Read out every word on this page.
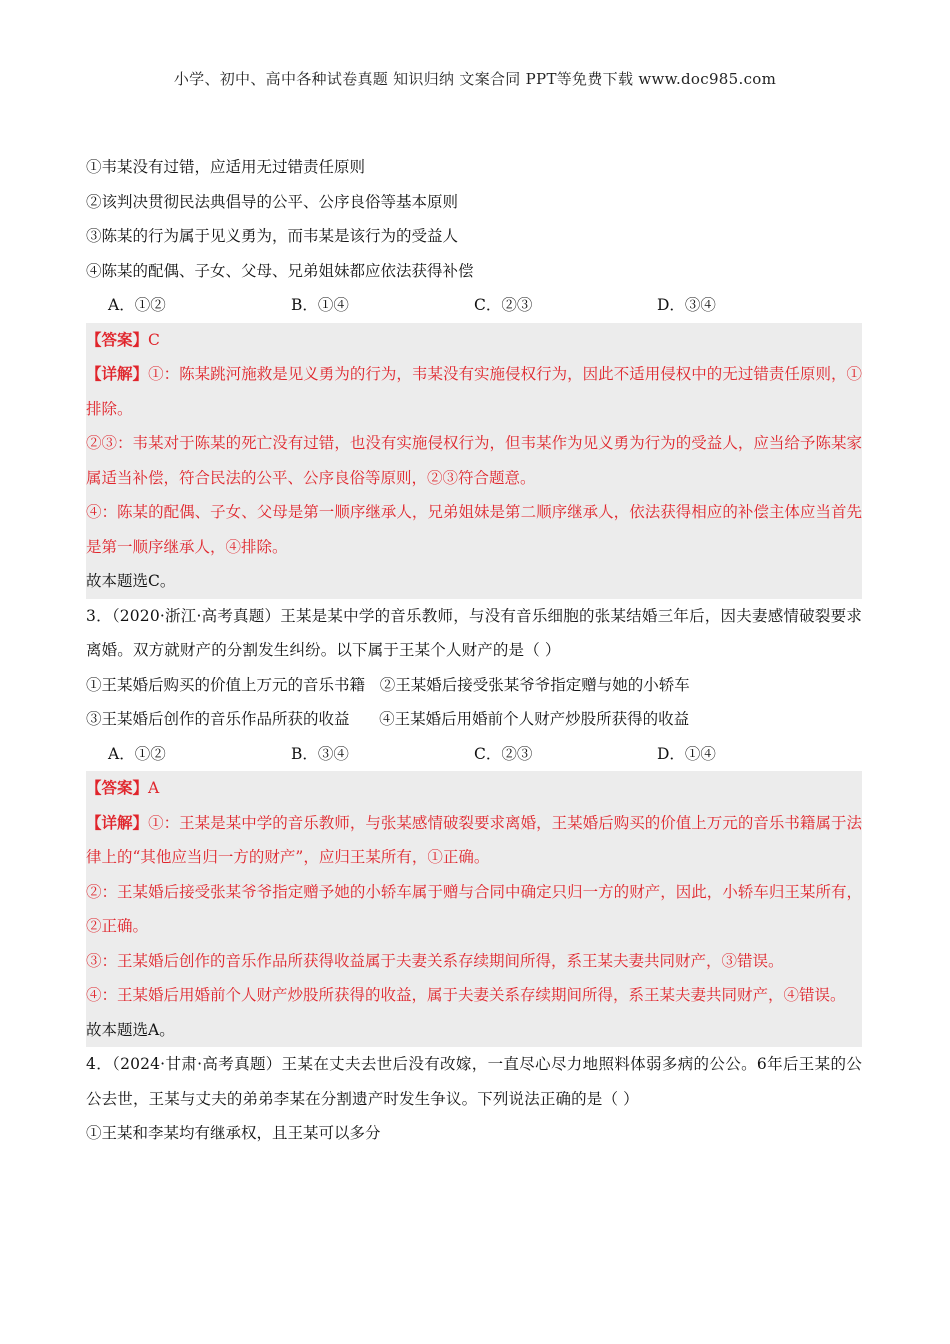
小学、初中、高中各种试卷真题 知识归纳 文案合同 PPT等免费下载 www.doc985.com
①韦某没有过错，应适用无过错责任原则
②该判决贯彻民法典倡导的公平、公序良俗等基本原则
③陈某的行为属于见义勇为，而韦某是该行为的受益人
④陈某的配偶、子女、父母、兄弟姐妹都应依法获得补偿
A．①②	B．①④	C．②③	D．③④
【答案】C
【详解】①：陈某跳河施救是见义勇为的行为，韦某没有实施侵权行为，因此不适用侵权中的无过错责任原则，①排除。
②③：韦某对于陈某的死亡没有过错，也没有实施侵权行为，但韦某作为见义勇为行为的受益人，应当给予陈某家属适当补偿，符合民法的公平、公序良俗等原则，②③符合题意。
④：陈某的配偶、子女、父母是第一顺序继承人，兄弟姐妹是第二顺序继承人，依法获得相应的补偿主体应当首先是第一顺序继承人，④排除。
故本题选C。
3．（2020·浙江·高考真题）王某是某中学的音乐教师，与没有音乐细胞的张某结婚三年后，因夫妻感情破裂要求离婚。双方就财产的分割发生纠纷。以下属于王某个人财产的是（ ）
①王某婚后购买的价值上万元的音乐书籍   ②王某婚后接受张某爷爷指定赠与她的小轿车
③王某婚后创作的音乐作品所获的收益      ④王某婚后用婚前个人财产炒股所获得的收益
A．①②	B．③④	C．②③	D．①④
【答案】A
【详解】①：王某是某中学的音乐教师，与张某感情破裂要求离婚，王某婚后购买的价值上万元的音乐书籍属于法律上的“其他应当归一方的财产”，应归王某所有，①正确。
②：王某婚后接受张某爷爷指定赠予她的小轿车属于赠与合同中确定只归一方的财产，因此，小轿车归王某所有，②正确。
③：王某婚后创作的音乐作品所获得收益属于夫妻关系存续期间所得，系王某夫妻共同财产，③错误。
④：王某婚后用婚前个人财产炒股所获得的收益，属于夫妻关系存续期间所得，系王某夫妻共同财产，④错误。
故本题选A。
4．（2024·甘肃·高考真题）王某在丈夫去世后没有改嫁，一直尽心尽力地照料体弱多病的公公。6年后王某的公公去世，王某与丈夫的弟弟李某在分割遗产时发生争议。下列说法正确的是（ ）
①王某和李某均有继承权，且王某可以多分
